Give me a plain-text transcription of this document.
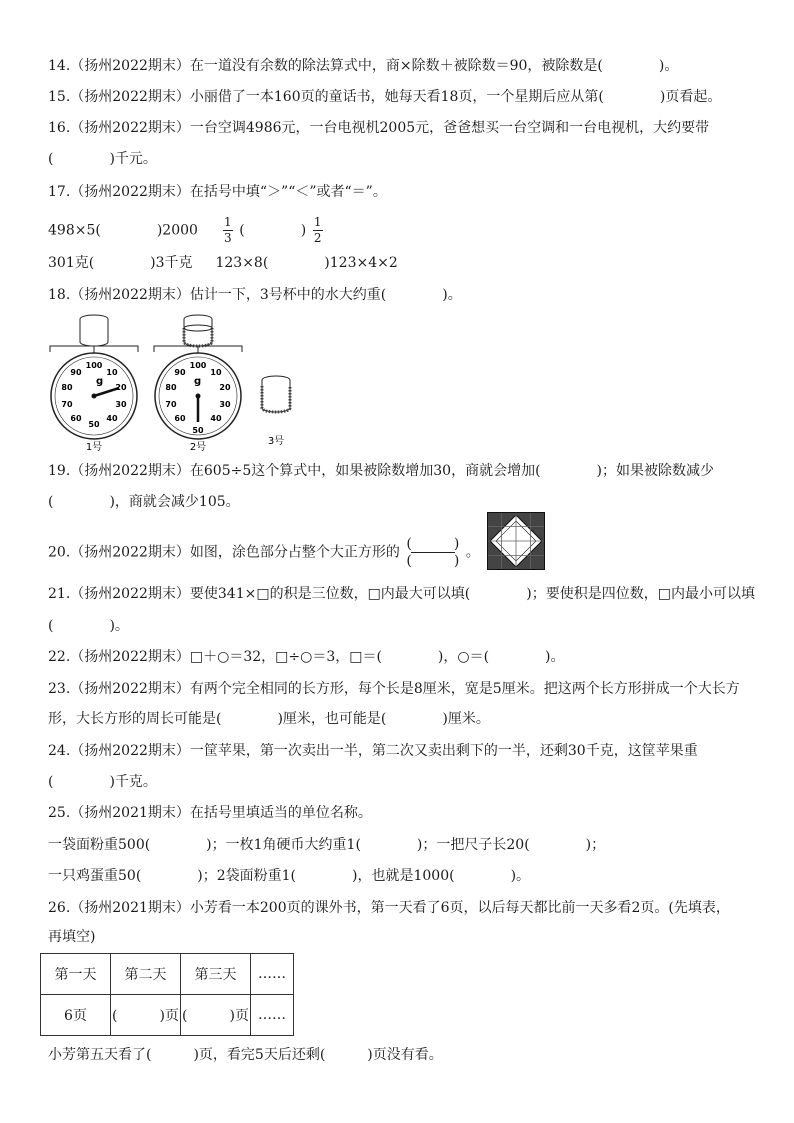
14.（扬州2022期末）在一道没有余数的除法算式中，商×除数＋被除数＝90，被除数是(　　　　)。
15.（扬州2022期末）小丽借了一本160页的童话书，她每天看18页，一个星期后应从第(　　　　)页看起。
16.（扬州2022期末）一台空调4986元，一台电视机2005元，爸爸想买一台空调和一台电视机，大约要带
(　　　　)千元。
17.（扬州2022期末）在括号中填“＞”“＜”或者“＝”。
498×5(　　　　)$2000 \frac{1}{3}$ (　　　　) $\frac{1}{2}$
301克(　　　　)3千克 123×8(　　　　)123×4×2
18.（扬州2022期末）估计一下，3号杯中的水大约重(　　　　)。
g
100
10
20
30
40
50
60
70
80
90
1号
g
100
10
20
30
40
50
60
70
80
90
2号
3号
19.（扬州2022期末）在605÷5这个算式中，如果被除数增加30，商就会增加(　　　　)；如果被除数减少
(　　　　)，商就会减少105。
20.（扬州2022期末）如图，涂色部分占整个大正方形的
(　　　)
(　　　)
。
21.（扬州2022期末）要使341×□的积是三位数，□内最大可以填(　　　　)；要使积是四位数，□内最小可以填
(　　　　)。
22.（扬州2022期末）□＋○＝32，□÷○＝3，□＝(　　　　)，○＝(　　　　)。
23.（扬州2022期末）有两个完全相同的长方形，每个长是8厘米，宽是5厘米。把这两个长方形拼成一个大长方
形，大长方形的周长可能是(　　　　)厘米，也可能是(　　　　)厘米。
24.（扬州2022期末）一筐苹果，第一次卖出一半，第二次又卖出剩下的一半，还剩30千克，这筐苹果重
(　　　　)千克。
25.（扬州2021期末）在括号里填适当的单位名称。
一袋面粉重500(　　　　)；一枚1角硬币大约重1(　　　　)；一把尺子长20(　　　　)；
一只鸡蛋重50(　　　　)；2袋面粉重1(　　　　)，也就是1000(　　　　)。
26.（扬州2021期末）小芳看一本200页的课外书，第一天看了6页，以后每天都比前一天多看2页。(先填表，
再填空)
第一天	第二天	第三天	……
6页	(　　　)页	(　　　)页	……
小芳第五天看了(　　　)页，看完5天后还剩(　　　)页没有看。
